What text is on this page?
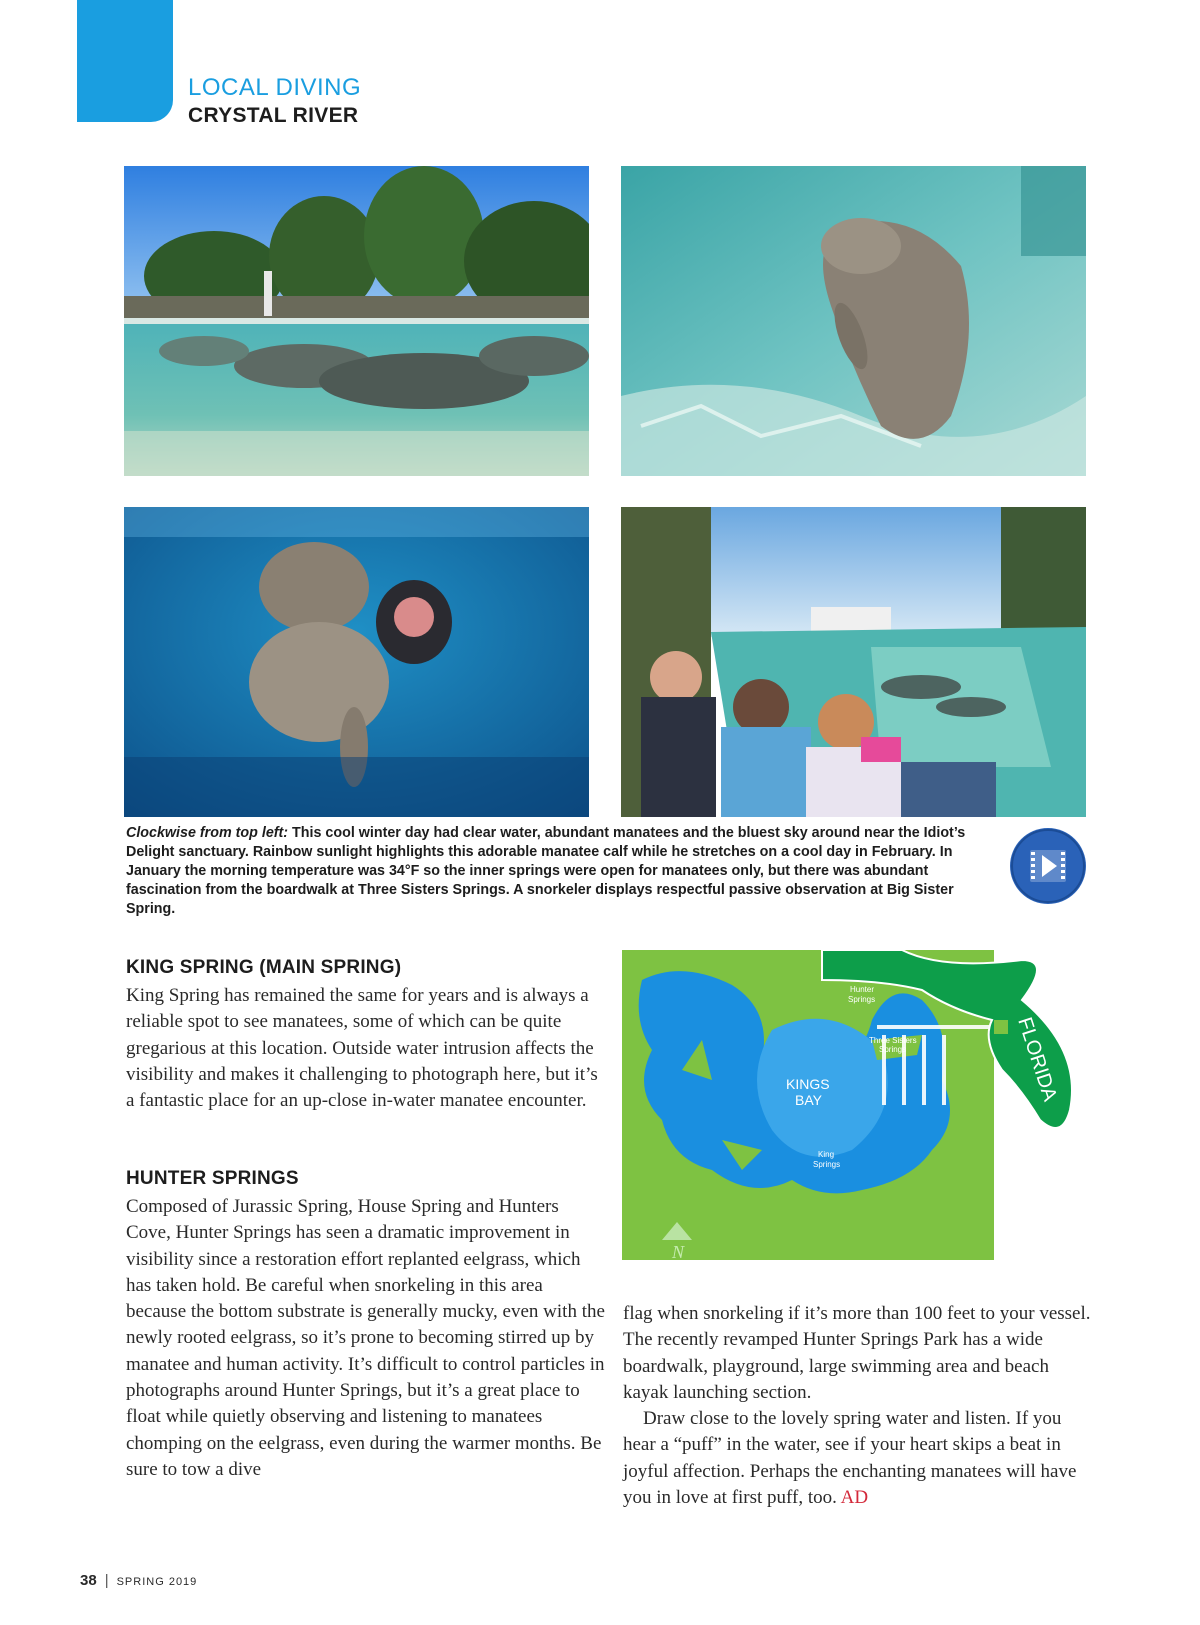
LOCAL DIVING
CRYSTAL RIVER
Clockwise from top left: This cool winter day had clear water, abundant manatees and the bluest sky around near the Idiot’s Delight sanctuary. Rainbow sunlight highlights this adorable manatee calf while he stretches on a cool day in February. In January the morning temperature was 34°F so the inner springs were open for manatees only, but there was abundant fascination from the boardwalk at Three Sisters Springs. A snorkeler displays respectful passive observation at Big Sister Spring.
KING SPRING (MAIN SPRING)
King Spring has remained the same for years and is always a reliable spot to see manatees, some of which can be quite gregarious at this location. Outside water intrusion affects the visibility and makes it challenging to photograph here, but it’s a fantastic place for an up-close in-water manatee encounter.
HUNTER SPRINGS
Composed of Jurassic Spring, House Spring and Hunters Cove, Hunter Springs has seen a dramatic improvement in visibility since a restoration effort replanted eelgrass, which has taken hold. Be careful when snorkeling in this area because the bottom substrate is generally mucky, even with the newly rooted eelgrass, so it’s prone to becoming stirred up by manatee and human activity. It’s difficult to control particles in photographs around Hunter Springs, but it’s a great place to float while quietly observing and listening to manatees chomping on the eelgrass, even during the warmer months. Be sure to tow a dive
flag when snorkeling if it’s more than 100 feet to your vessel. The recently revamped Hunter Springs Park has a wide boardwalk, playground, large swimming area and beach kayak launching section.
Draw close to the lovely spring water and listen. If you hear a “puff” in the water, see if your heart skips a beat in joyful affection. Perhaps the enchanting manatees will have you in love at first puff, too. AD
Hunter
Springs
Three Sisters
Springs
KINGS
BAY
King
Springs
FLORIDA
N
38 | SPRING 2019
